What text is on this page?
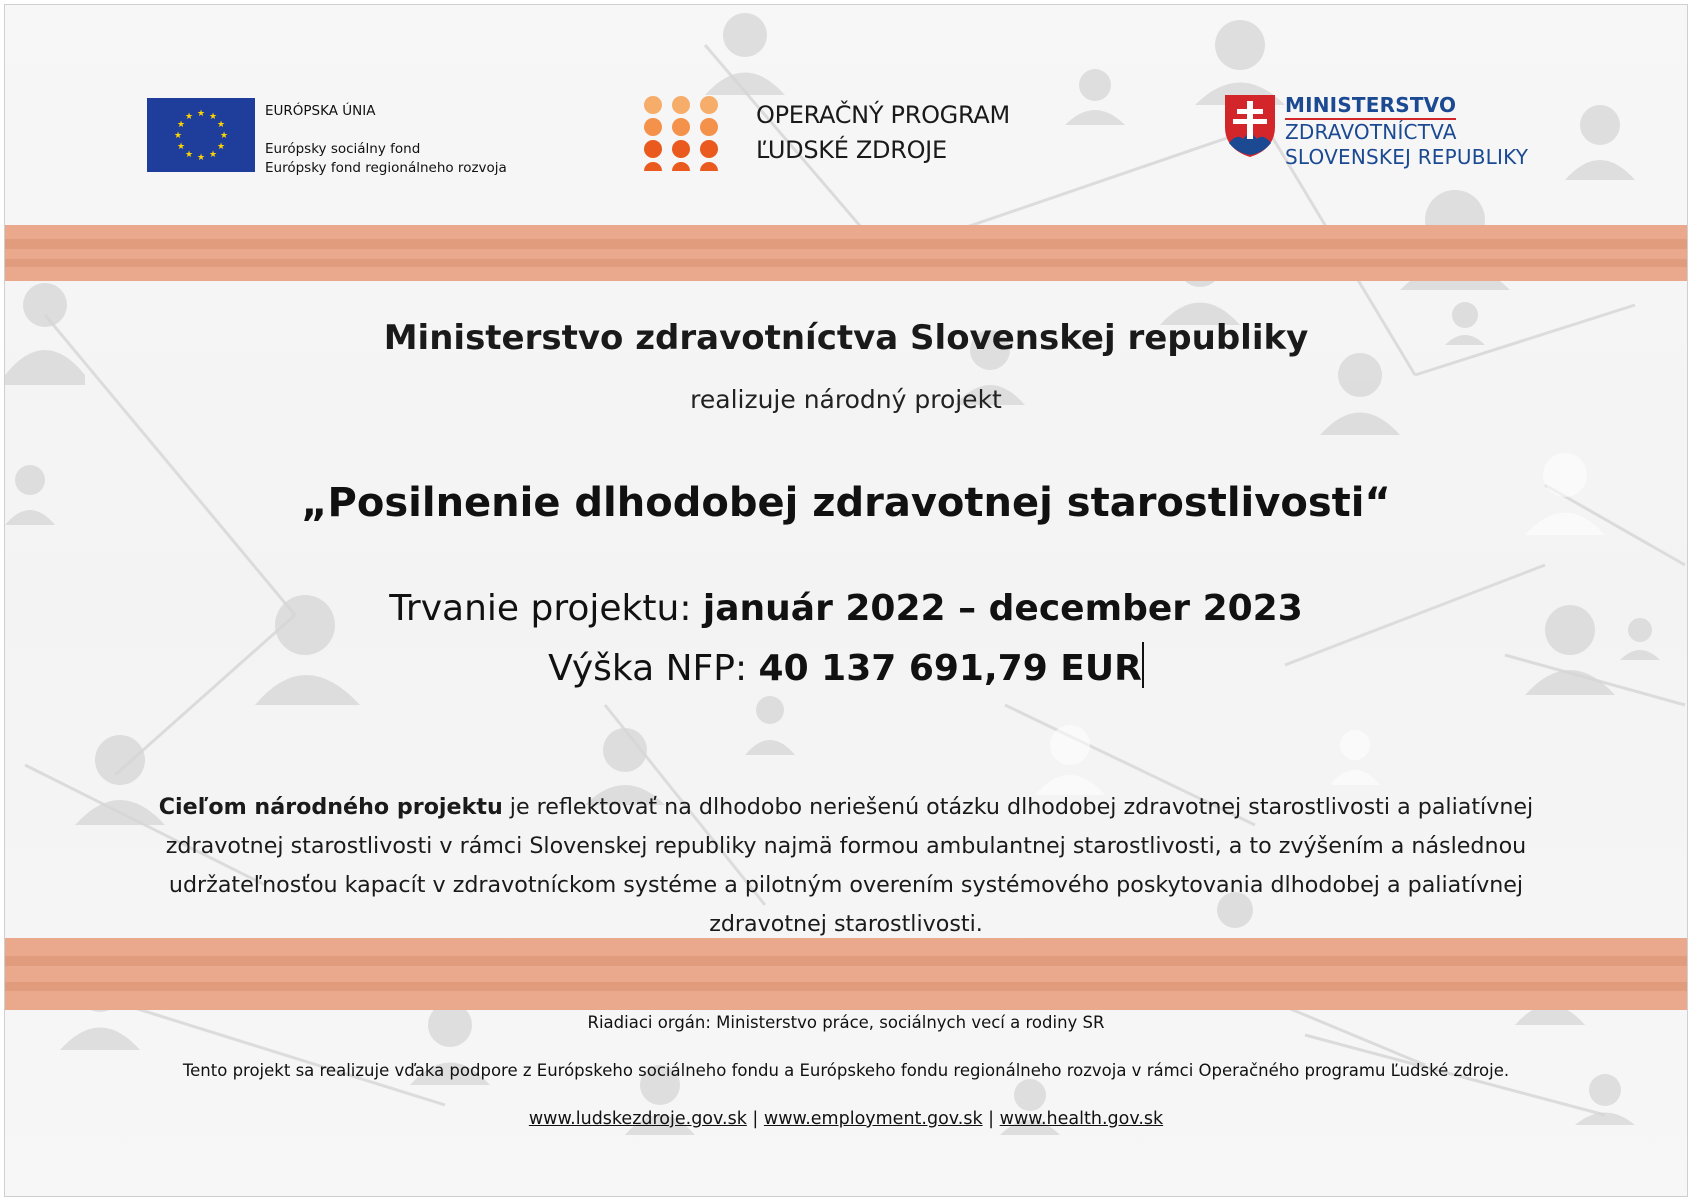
★ ★
★
★
★
★
★
★
★
★
★
★	EURÓPSKA ÚNIA
Európsky sociálny fond
Európsky fond regionálneho rozvoja
OPERAČNÝ PROGRAM
ĽUDSKÉ ZDROJE
MINISTERSTVO
ZDRAVOTNÍCTVA
SLOVENSKEJ REPUBLIKY
Ministerstvo zdravotníctva Slovenskej republiky
realizuje národný projekt
„Posilnenie dlhodobej zdravotnej starostlivosti“
Trvanie projektu: január 2022 – december 2023
Výška NFP: 40 137 691,79 EUR
Cieľom národného projektu je reflektovať na dlhodobo neriešenú otázku dlhodobej zdravotnej starostlivosti a paliatívnej zdravotnej starostlivosti v rámci Slovenskej republiky najmä formou ambulantnej starostlivosti, a to zvýšením a následnou udržateľnosťou kapacít v zdravotníckom systéme a pilotným overením systémového poskytovania dlhodobej a paliatívnej zdravotnej starostlivosti.
Riadiaci orgán: Ministerstvo práce, sociálnych vecí a rodiny SR
Tento projekt sa realizuje vďaka podpore z Európskeho sociálneho fondu a Európskeho fondu regionálneho rozvoja v rámci Operačného programu Ľudské zdroje.
www.ludskezdroje.gov.sk | www.employment.gov.sk | www.health.gov.sk
